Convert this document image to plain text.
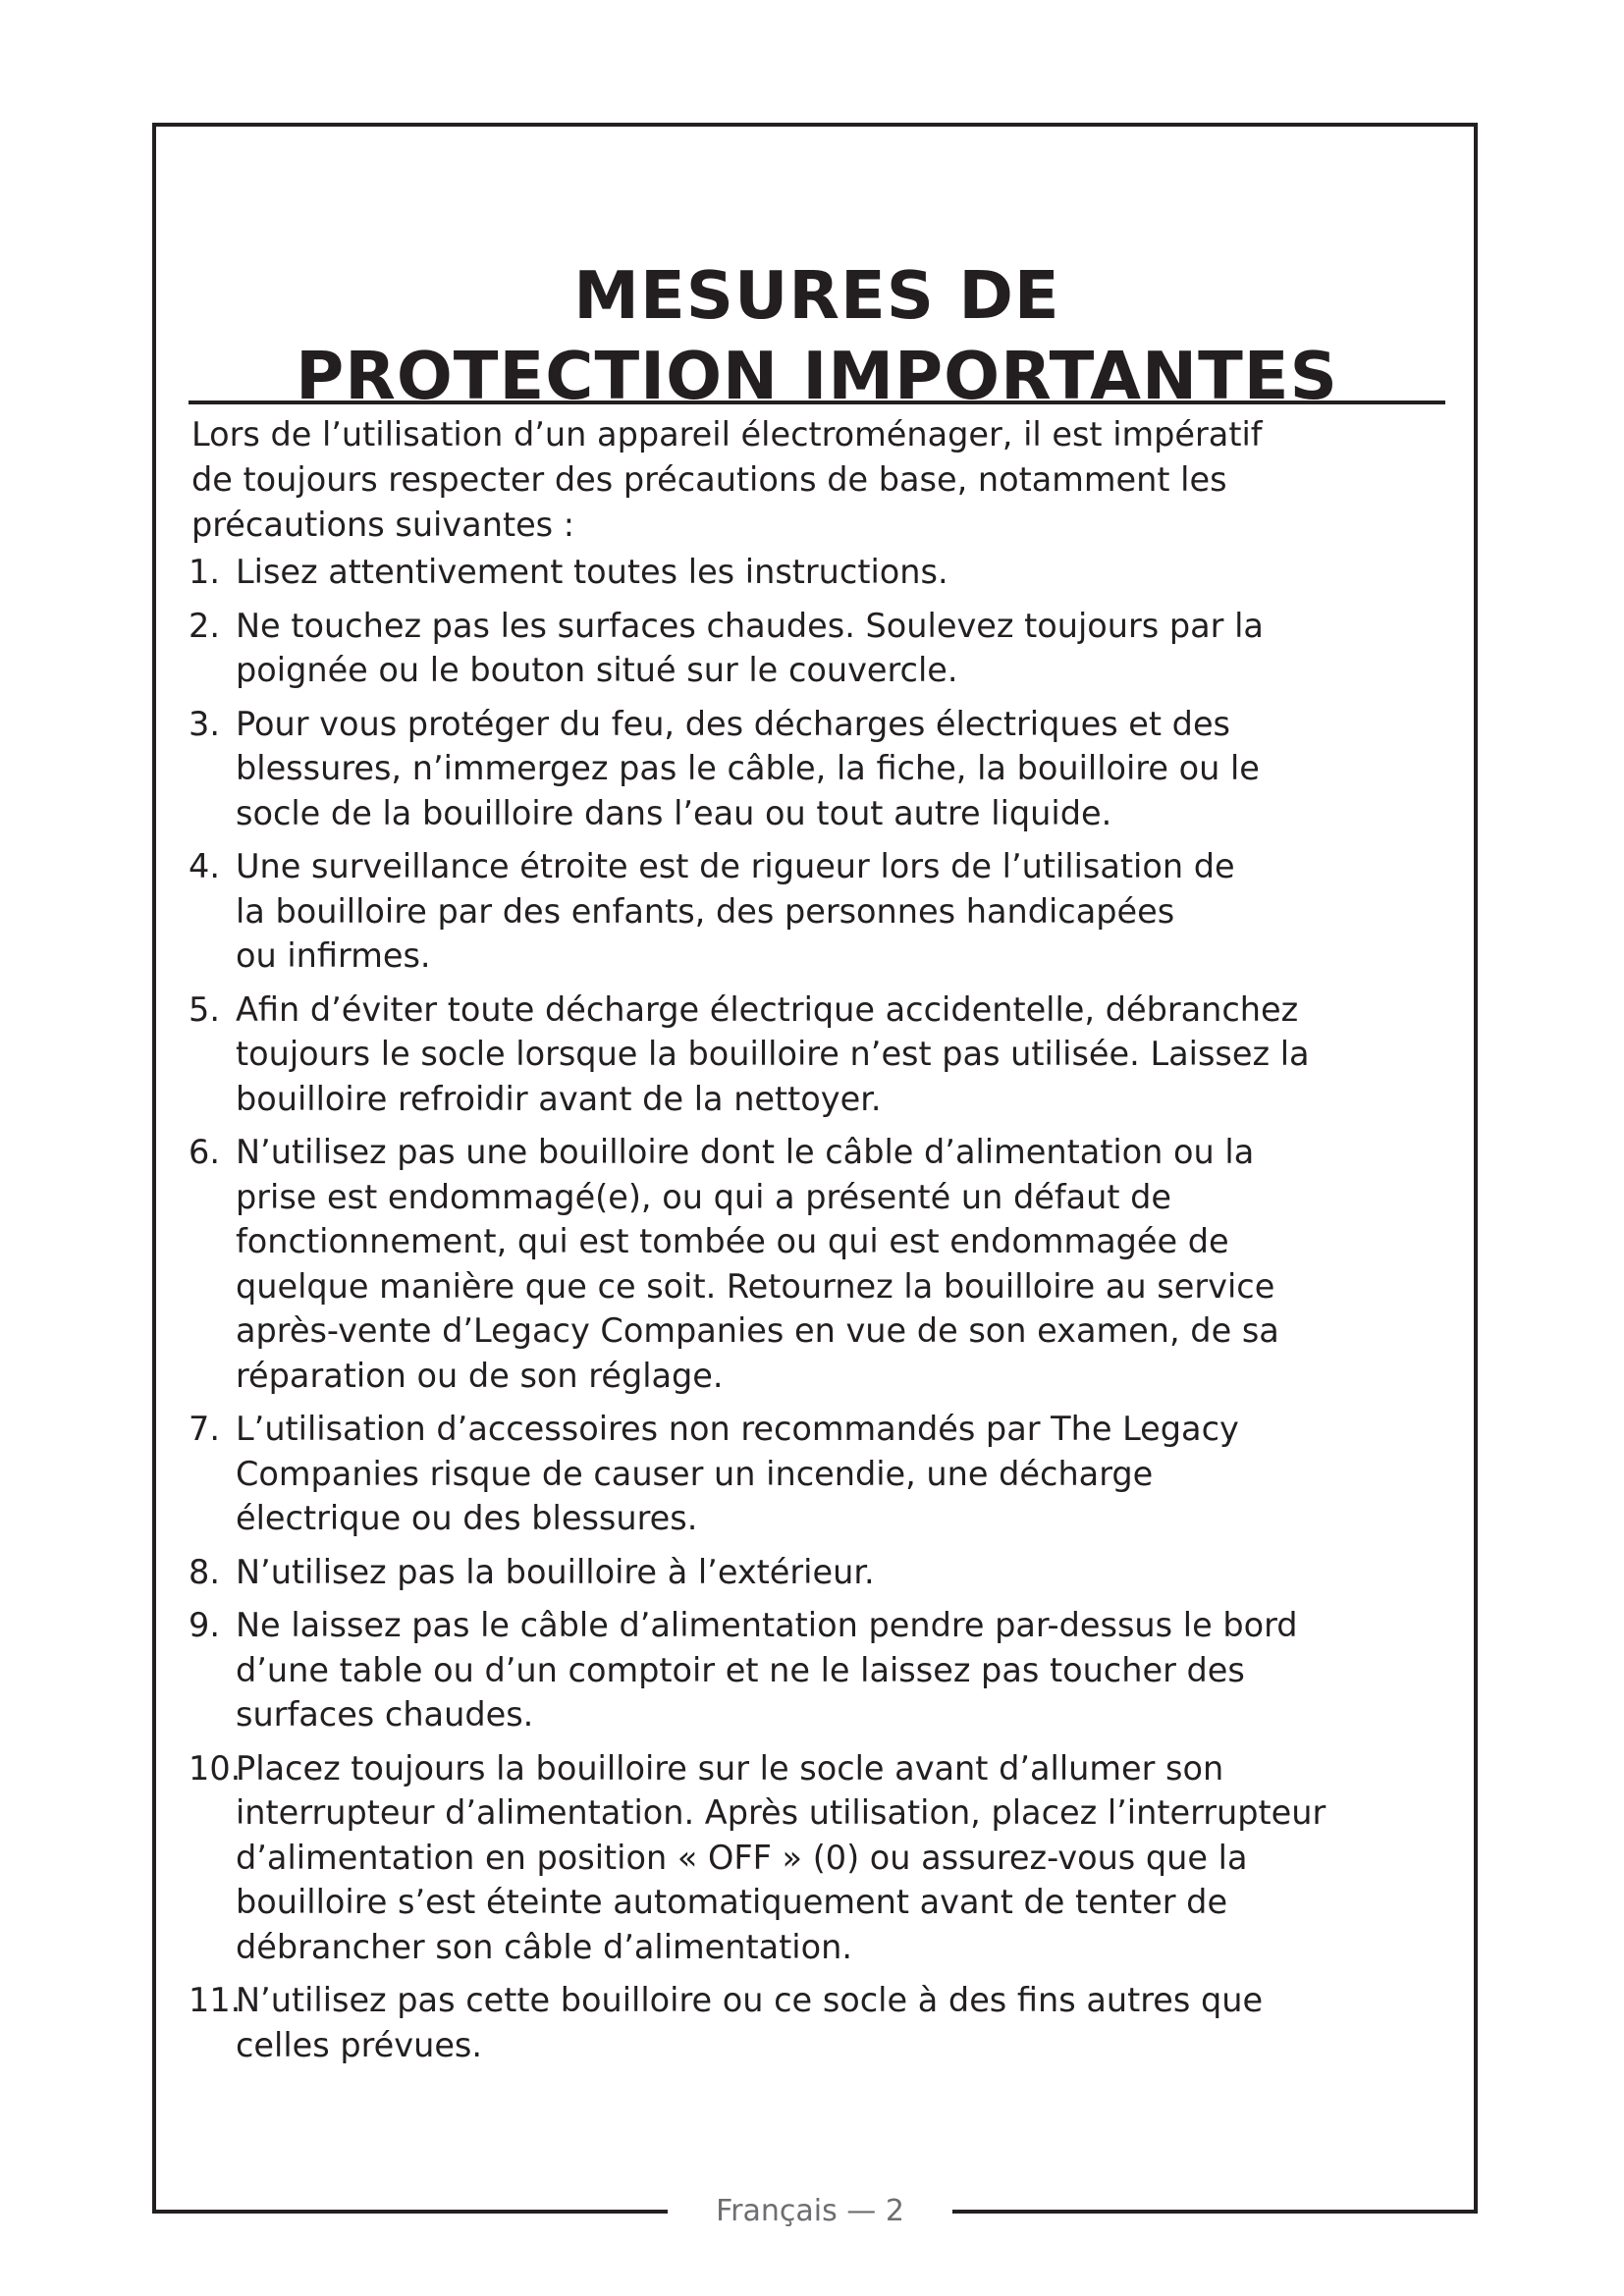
MESURES DE
PROTECTION IMPORTANTES

Lors de l’utilisation d’un appareil électroménager, il est impératif
de toujours respecter des précautions de base, notamment les
précautions suivantes :

1. Lisez attentivement toutes les instructions.
2. Ne touchez pas les surfaces chaudes. Soulevez toujours par la
poignée ou le bouton situé sur le couvercle.
3. Pour vous protéger du feu, des décharges électriques et des
blessures, n’immergez pas le câble, la fiche, la bouilloire ou le
socle de la bouilloire dans l’eau ou tout autre liquide.
4. Une surveillance étroite est de rigueur lors de l’utilisation de
la bouilloire par des enfants, des personnes handicapées
ou infirmes.
5. Afin d’éviter toute décharge électrique accidentelle, débranchez
toujours le socle lorsque la bouilloire n’est pas utilisée. Laissez la
bouilloire refroidir avant de la nettoyer.
6. N’utilisez pas une bouilloire dont le câble d’alimentation ou la
prise est endommagé(e), ou qui a présenté un défaut de
fonctionnement, qui est tombée ou qui est endommagée de
quelque manière que ce soit. Retournez la bouilloire au service
après-vente d’Legacy Companies en vue de son examen, de sa
réparation ou de son réglage.
7. L’utilisation d’accessoires non recommandés par The Legacy
Companies risque de causer un incendie, une décharge
électrique ou des blessures.
8. N’utilisez pas la bouilloire à l’extérieur.
9. Ne laissez pas le câble d’alimentation pendre par-dessus le bord
d’une table ou d’un comptoir et ne le laissez pas toucher des
surfaces chaudes.
10.
Placez toujours la bouilloire sur le socle avant d’allumer son
interrupteur d’alimentation. Après utilisation, placez l’interrupteur
d’alimentation en position « OFF » (0) ou assurez-vous que la
bouilloire s’est éteinte automatiquement avant de tenter de
débrancher son câble d’alimentation.
11.
N’utilisez pas cette bouilloire ou ce socle à des fins autres que
celles prévues.
Français — 2
